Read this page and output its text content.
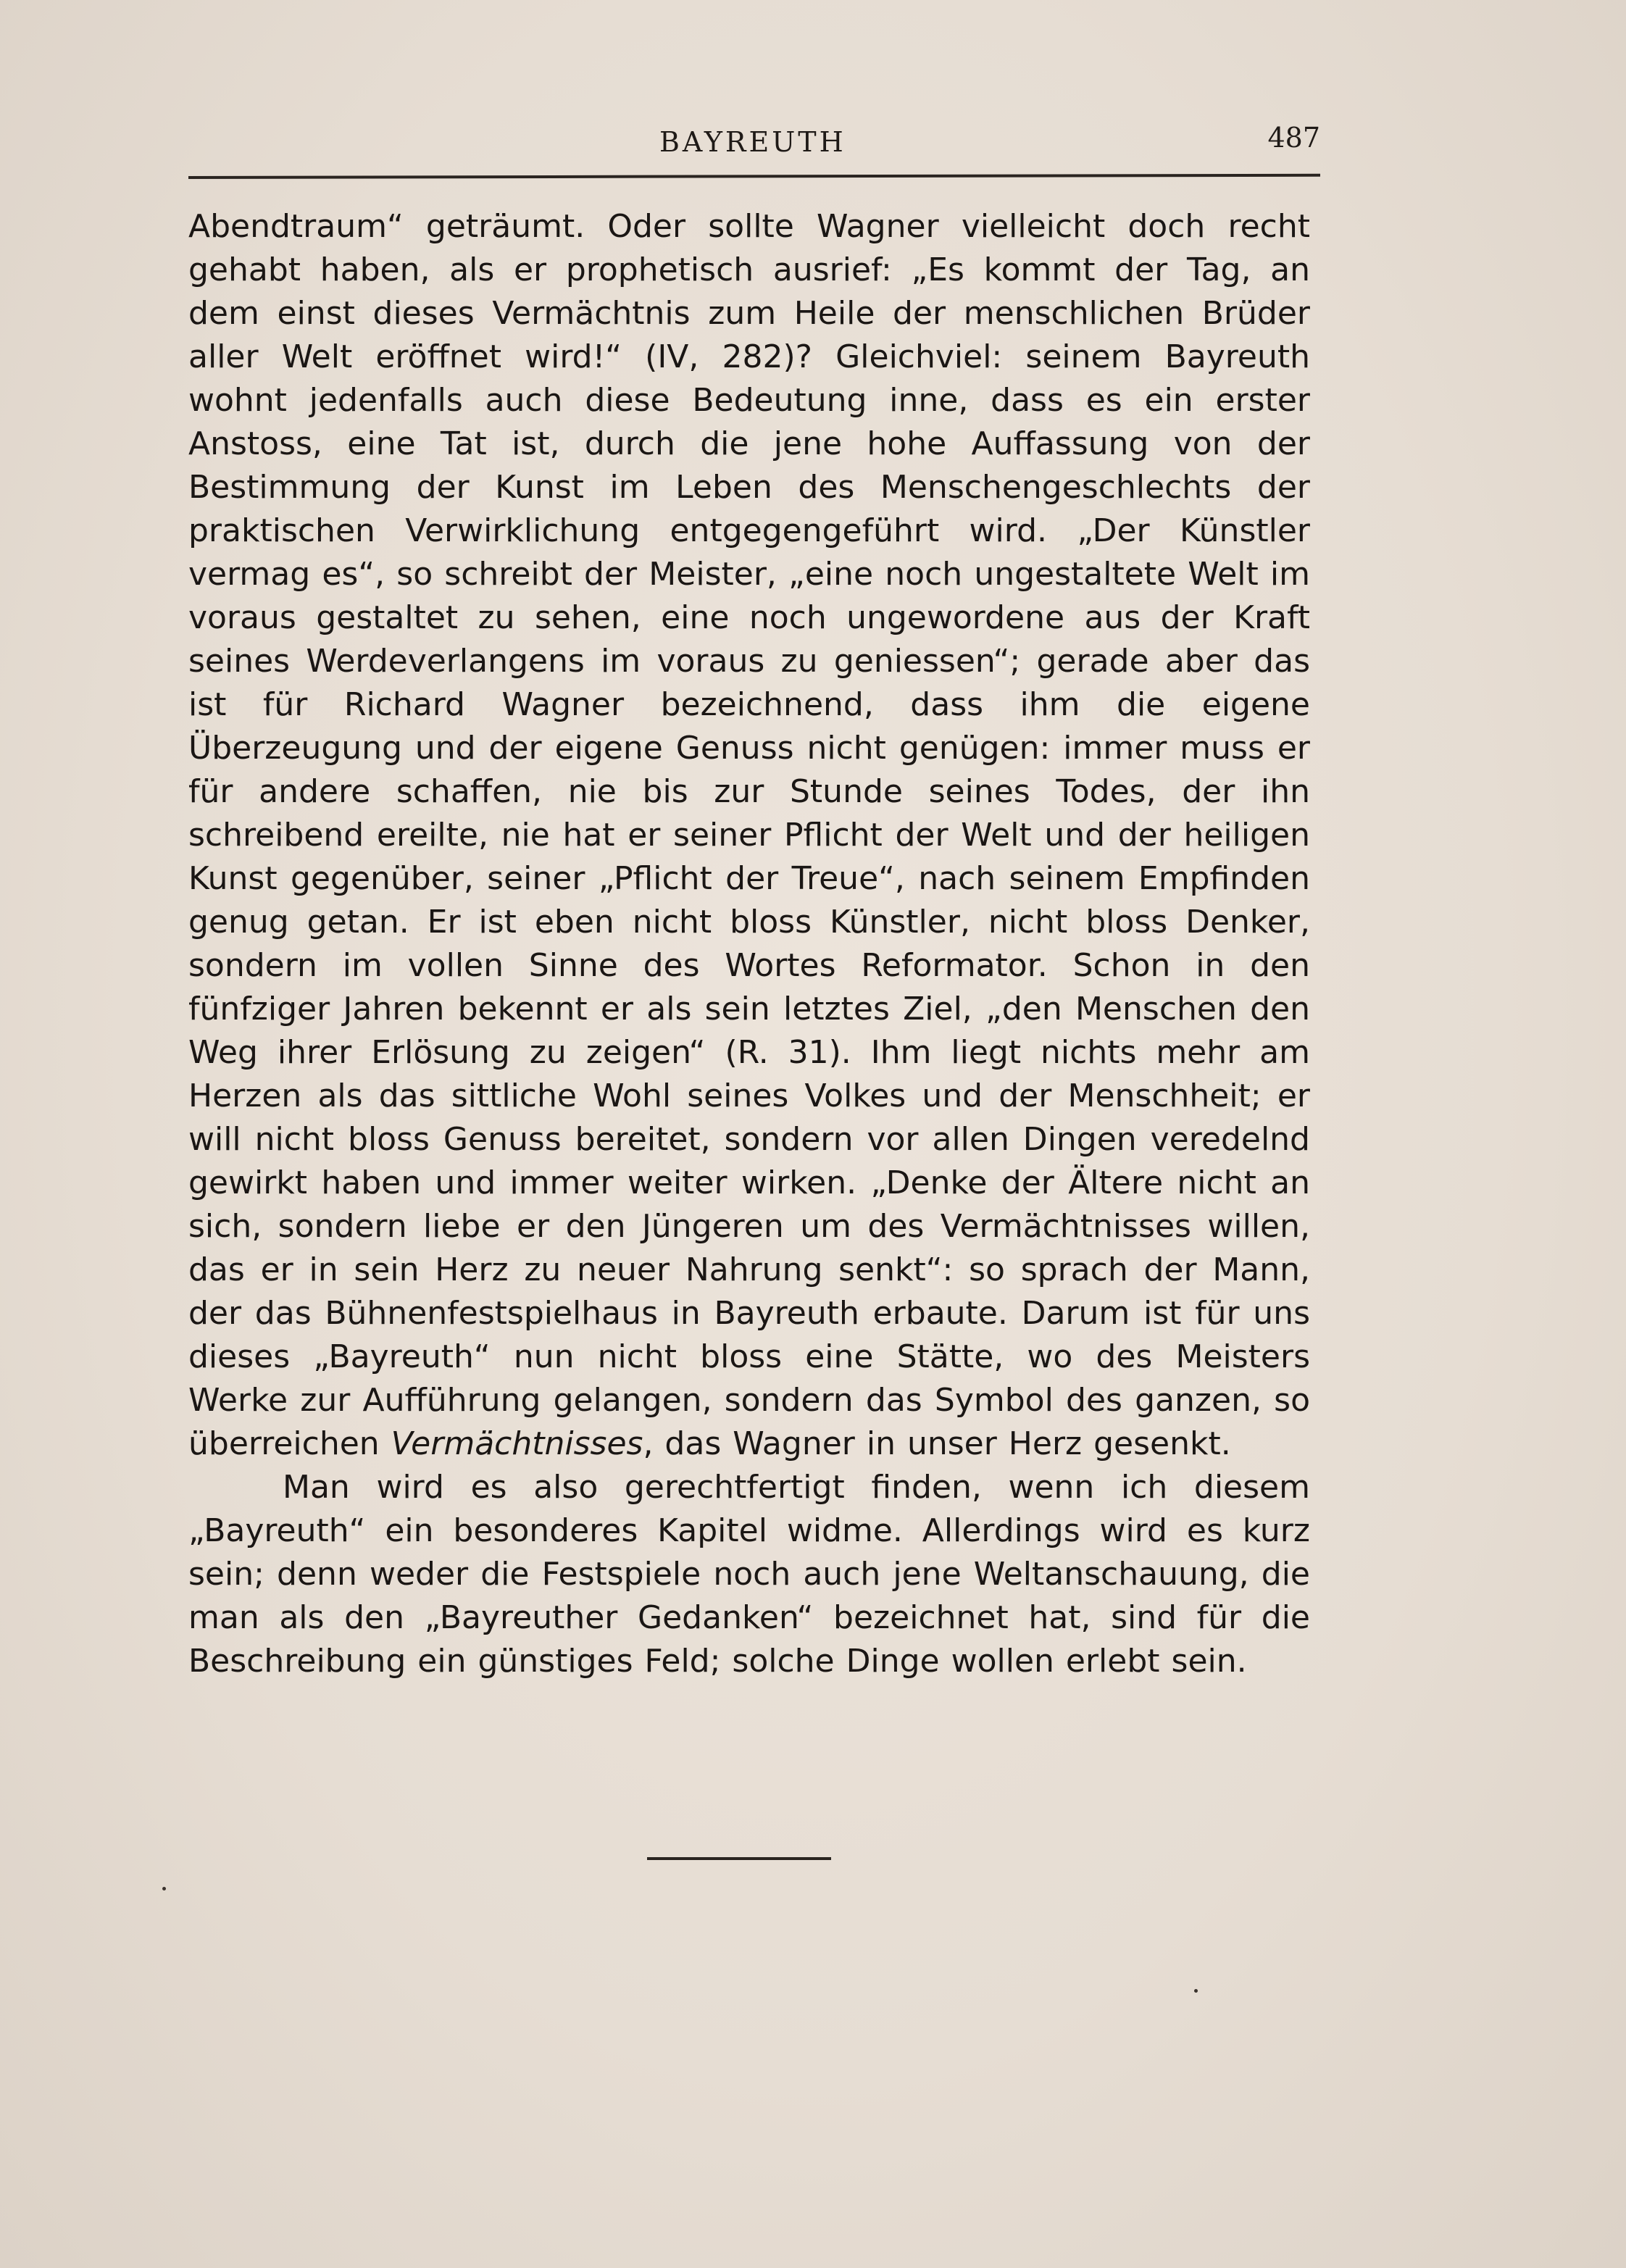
BAYREUTH	487

Abendtraum“ geträumt. Oder sollte Wagner vielleicht doch recht gehabt haben, als er prophetisch ausrief: „Es kommt der Tag, an dem einst dieses Vermächtnis zum Heile der menschlichen Brüder aller Welt eröffnet wird!“ (IV, 282)? Gleichviel: seinem Bayreuth wohnt jedenfalls auch diese Bedeutung inne, dass es ein erster Anstoss, eine Tat ist, durch die jene hohe Auffassung von der Bestimmung der Kunst im Leben des Menschengeschlechts der praktischen Verwirklichung entgegengeführt wird. „Der Künstler vermag es“, so schreibt der Meister, „eine noch ungestaltete Welt im voraus gestaltet zu sehen, eine noch ungewordene aus der Kraft seines Werdeverlangens im voraus zu geniessen“; gerade aber das ist für Richard Wagner bezeichnend, dass ihm die eigene Überzeugung und der eigene Genuss nicht genügen: immer muss er für andere schaffen, nie bis zur Stunde seines Todes, der ihn schreibend ereilte, nie hat er seiner Pflicht der Welt und der heiligen Kunst gegenüber, seiner „Pflicht der Treue“, nach seinem Empfinden genug getan. Er ist eben nicht bloss Künstler, nicht bloss Denker, sondern im vollen Sinne des Wortes Reformator. Schon in den fünfziger Jahren bekennt er als sein letztes Ziel, „den Menschen den Weg ihrer Erlösung zu zeigen“ (R. 31). Ihm liegt nichts mehr am Herzen als das sittliche Wohl seines Volkes und der Menschheit; er will nicht bloss Genuss bereitet, sondern vor allen Dingen veredelnd gewirkt haben und immer weiter wirken. „Denke der Ältere nicht an sich, sondern liebe er den Jüngeren um des Vermächtnisses willen, das er in sein Herz zu neuer Nahrung senkt“: so sprach der Mann, der das Bühnenfestspielhaus in Bayreuth erbaute. Darum ist für uns dieses „Bayreuth“ nun nicht bloss eine Stätte, wo des Meisters Werke zur Aufführung gelangen, sondern das Symbol des ganzen, so überreichen Vermächtnisses, das Wagner in unser Herz gesenkt.

Man wird es also gerechtfertigt finden, wenn ich diesem „Bayreuth“ ein besonderes Kapitel widme. Allerdings wird es kurz sein; denn weder die Festspiele noch auch jene Weltanschauung, die man als den „Bayreuther Gedanken“ bezeichnet hat, sind für die Beschreibung ein günstiges Feld; solche Dinge wollen erlebt sein.
